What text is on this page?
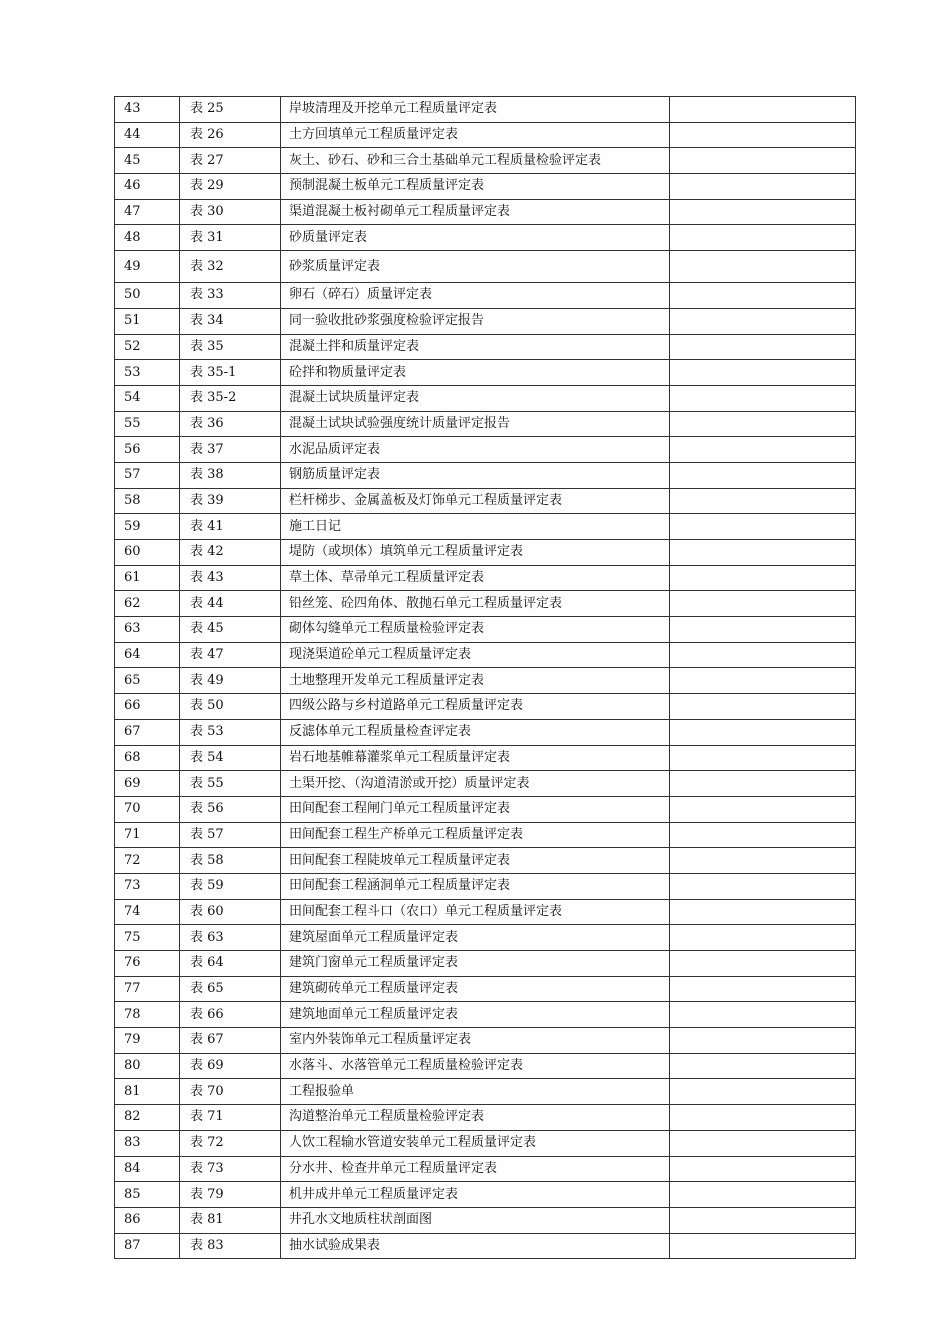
43	表 25	岸坡清理及开挖单元工程质量评定表	
44	表 26	土方回填单元工程质量评定表	
45	表 27	灰土、砂石、砂和三合土基础单元工程质量检验评定表	
46	表 29	预制混凝土板单元工程质量评定表	
47	表 30	渠道混凝土板衬砌单元工程质量评定表	
48	表 31	砂质量评定表	
49	表 32	砂浆质量评定表	
50	表 33	卵石（碎石）质量评定表	
51	表 34	同一验收批砂浆强度检验评定报告	
52	表 35	混凝土拌和质量评定表	
53	表 35-1	砼拌和物质量评定表	
54	表 35-2	混凝土试块质量评定表	
55	表 36	混凝土试块试验强度统计质量评定报告	
56	表 37	水泥品质评定表	
57	表 38	钢筋质量评定表	
58	表 39	栏杆梯步、金属盖板及灯饰单元工程质量评定表	
59	表 41	施工日记	
60	表 42	堤防（或坝体）填筑单元工程质量评定表	
61	表 43	草土体、草帚单元工程质量评定表	
62	表 44	铅丝笼、砼四角体、散抛石单元工程质量评定表	
63	表 45	砌体勾缝单元工程质量检验评定表	
64	表 47	现浇渠道砼单元工程质量评定表	
65	表 49	土地整理开发单元工程质量评定表	
66	表 50	四级公路与乡村道路单元工程质量评定表	
67	表 53	反滤体单元工程质量检查评定表	
68	表 54	岩石地基帷幕灌浆单元工程质量评定表	
69	表 55	土渠开挖、（沟道清淤或开挖）质量评定表	
70	表 56	田间配套工程闸门单元工程质量评定表	
71	表 57	田间配套工程生产桥单元工程质量评定表	
72	表 58	田间配套工程陡坡单元工程质量评定表	
73	表 59	田间配套工程涵洞单元工程质量评定表	
74	表 60	田间配套工程斗口（农口）单元工程质量评定表	
75	表 63	建筑屋面单元工程质量评定表	
76	表 64	建筑门窗单元工程质量评定表	
77	表 65	建筑砌砖单元工程质量评定表	
78	表 66	建筑地面单元工程质量评定表	
79	表 67	室内外装饰单元工程质量评定表	
80	表 69	水落斗、水落管单元工程质量检验评定表	
81	表 70	工程报验单	
82	表 71	沟道整治单元工程质量检验评定表	
83	表 72	人饮工程输水管道安装单元工程质量评定表	
84	表 73	分水井、检查井单元工程质量评定表	
85	表 79	机井成井单元工程质量评定表	
86	表 81	井孔水文地质柱状剖面图	
87	表 83	抽水试验成果表	
